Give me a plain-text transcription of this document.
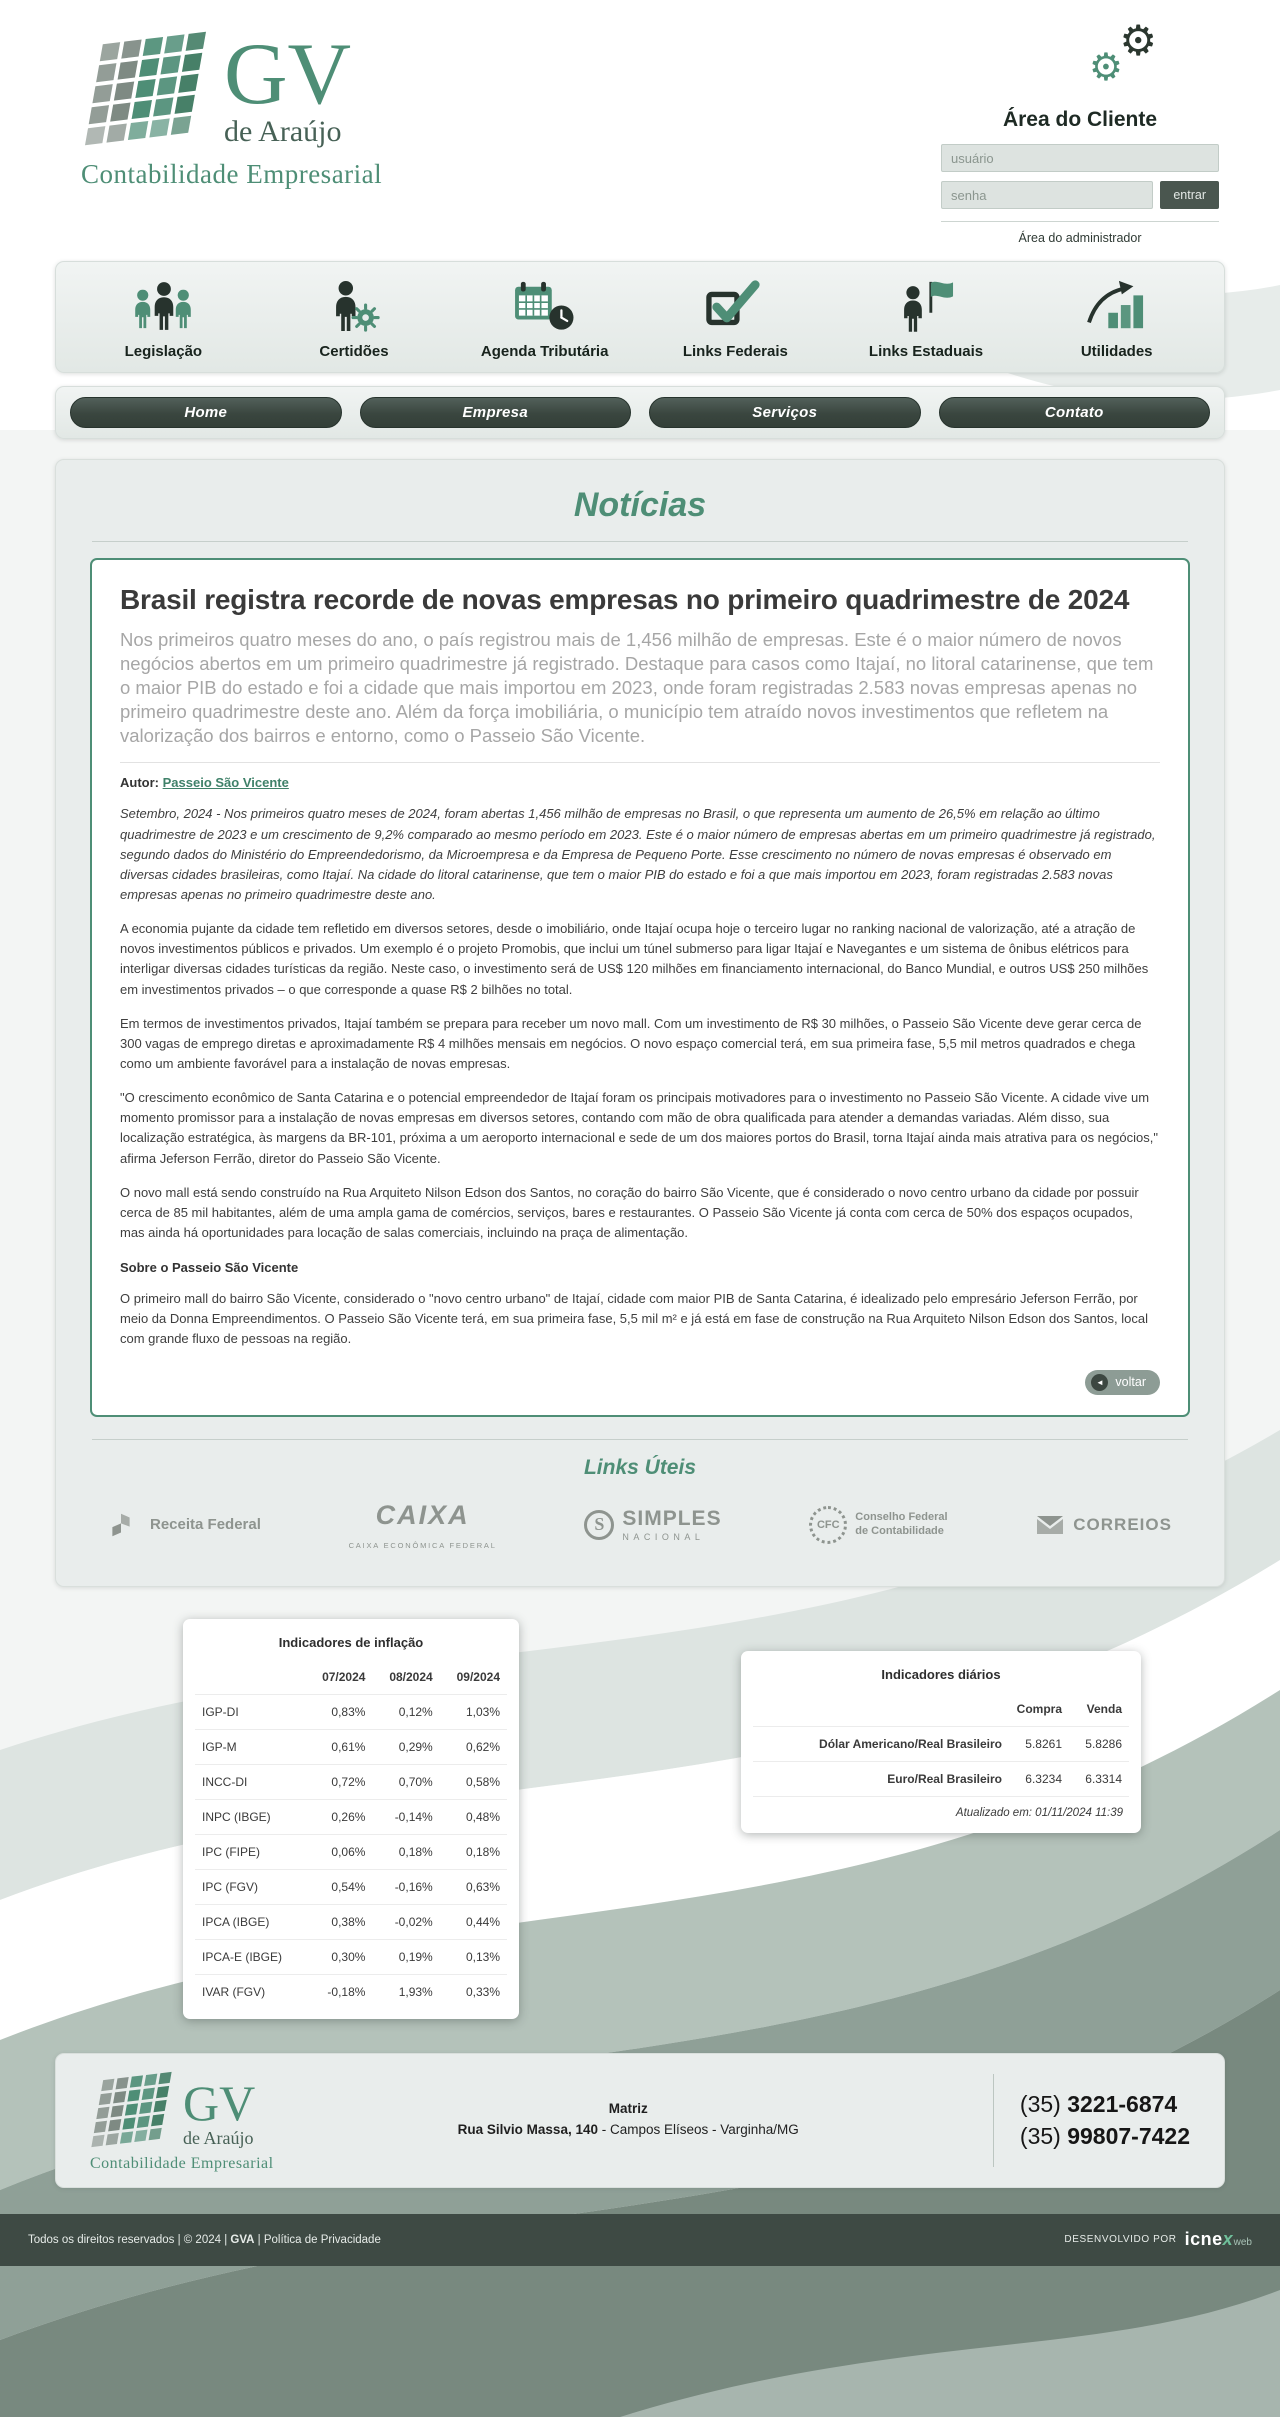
GV
de Araújo
Contabilidade Empresarial
⚙
⚙
Área do Cliente
usuário
entrar
Área do administrador
Legislação	Certidões	Agenda Tributária	Links Federais	Links Estaduais	Utilidades
Home	Empresa	Serviços	Contato
Notícias
Brasil registra recorde de novas empresas no primeiro quadrimestre de 2024

Nos primeiros quatro meses do ano, o país registrou mais de 1,456 milhão de empresas. Este é o maior número de novos negócios abertos em um primeiro quadrimestre já registrado. Destaque para casos como Itajaí, no litoral catarinense, que tem o maior PIB do estado e foi a cidade que mais importou em 2023, onde foram registradas 2.583 novas empresas apenas no primeiro quadrimestre deste ano. Além da força imobiliária, o município tem atraído novos investimentos que refletem na valorização dos bairros e entorno, como o Passeio São Vicente.

Autor: Passeio São Vicente

Setembro, 2024 - Nos primeiros quatro meses de 2024, foram abertas 1,456 milhão de empresas no Brasil, o que representa um aumento de 26,5% em relação ao último quadrimestre de 2023 e um crescimento de 9,2% comparado ao mesmo período em 2023. Este é o maior número de empresas abertas em um primeiro quadrimestre já registrado, segundo dados do Ministério do Empreendedorismo, da Microempresa e da Empresa de Pequeno Porte. Esse crescimento no número de novas empresas é observado em diversas cidades brasileiras, como Itajaí. Na cidade do litoral catarinense, que tem o maior PIB do estado e foi a que mais importou em 2023, foram registradas 2.583 novas empresas apenas no primeiro quadrimestre deste ano.

A economia pujante da cidade tem refletido em diversos setores, desde o imobiliário, onde Itajaí ocupa hoje o terceiro lugar no ranking nacional de valorização, até a atração de novos investimentos públicos e privados. Um exemplo é o projeto Promobis, que inclui um túnel submerso para ligar Itajaí e Navegantes e um sistema de ônibus elétricos para interligar diversas cidades turísticas da região. Neste caso, o investimento será de US$ 120 milhões em financiamento internacional, do Banco Mundial, e outros US$ 250 milhões em investimentos privados – o que corresponde a quase R$ 2 bilhões no total.

Em termos de investimentos privados, Itajaí também se prepara para receber um novo mall. Com um investimento de R$ 30 milhões, o Passeio São Vicente deve gerar cerca de 300 vagas de emprego diretas e aproximadamente R$ 4 milhões mensais em negócios. O novo espaço comercial terá, em sua primeira fase, 5,5 mil metros quadrados e chega como um ambiente favorável para a instalação de novas empresas.

"O crescimento econômico de Santa Catarina e o potencial empreendedor de Itajaí foram os principais motivadores para o investimento no Passeio São Vicente. A cidade vive um momento promissor para a instalação de novas empresas em diversos setores, contando com mão de obra qualificada para atender a demandas variadas. Além disso, sua localização estratégica, às margens da BR-101, próxima a um aeroporto internacional e sede de um dos maiores portos do Brasil, torna Itajaí ainda mais atrativa para os negócios," afirma Jeferson Ferrão, diretor do Passeio São Vicente.

O novo mall está sendo construído na Rua Arquiteto Nilson Edson dos Santos, no coração do bairro São Vicente, que é considerado o novo centro urbano da cidade por possuir cerca de 85 mil habitantes, além de uma ampla gama de comércios, serviços, bares e restaurantes. O Passeio São Vicente já conta com cerca de 50% dos espaços ocupados, mas ainda há oportunidades para locação de salas comerciais, incluindo na praça de alimentação.

Sobre o Passeio São Vicente

O primeiro mall do bairro São Vicente, considerado o "novo centro urbano" de Itajaí, cidade com maior PIB de Santa Catarina, é idealizado pelo empresário Jeferson Ferrão, por meio da Donna Empreendimentos. O Passeio São Vicente terá, em sua primeira fase, 5,5 mil m² e já está em fase de construção na Rua Arquiteto Nilson Edson dos Santos, local com grande fluxo de pessoas na região.

◄ voltar
Links Úteis
Receita Federal	CAIXA
CAIXA ECONÔMICA FEDERAL
S SIMPLES
NACIONAL
CFC
Conselho Federal
de Contabilidade	CORREIOS
Indicadores de inflação
	07/2024	08/2024	09/2024
IGP-DI	0,83%	0,12%	1,03%
IGP-M	0,61%	0,29%	0,62%
INCC-DI	0,72%	0,70%	0,58%
INPC (IBGE)	0,26%	-0,14%	0,48%
IPC (FIPE)	0,06%	0,18%	0,18%
IPC (FGV)	0,54%	-0,16%	0,63%
IPCA (IBGE)	0,38%	-0,02%	0,44%
IPCA-E (IBGE)	0,30%	0,19%	0,13%
IVAR (FGV)	-0,18%	1,93%	0,33%
Indicadores diários
	Compra	Venda
Dólar Americano/Real Brasileiro	5.8261	5.8286
Euro/Real Brasileiro	6.3234	6.3314
Atualizado em: 01/11/2024 11:39
GV
de Araújo
Contabilidade Empresarial
Matriz
Rua Silvio Massa, 140 - Campos Elíseos - Varginha/MG
(35) 3221-6874
(35) 99807-7422
Todos os direitos reservados | © 2024 | GVA | Política de Privacidade	DESENVOLVIDO POR icnexweb
